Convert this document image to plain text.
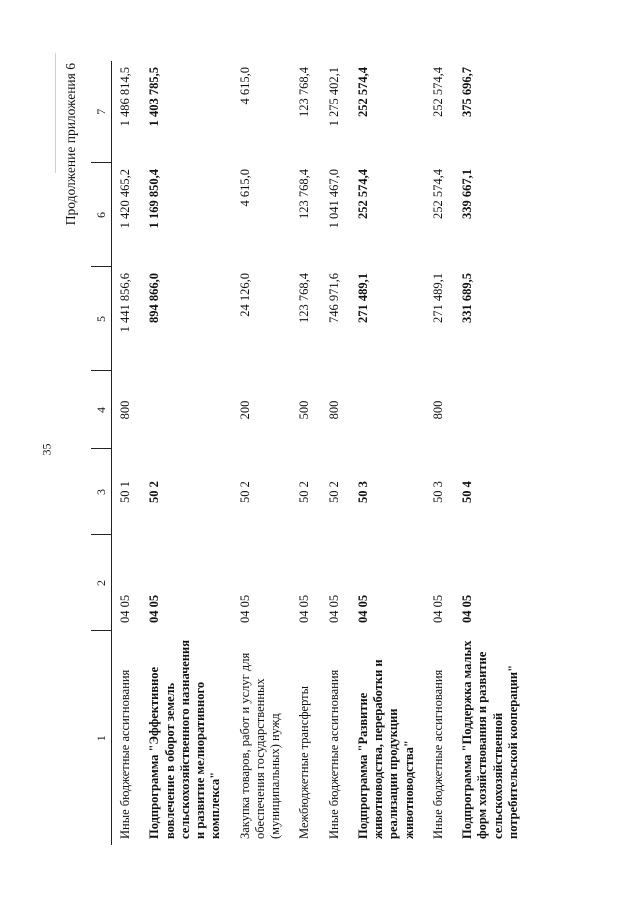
35
Продолжение приложения 6
1	2	3	4	5	6	7
Иные бюджетные ассигнования	04 05	50 1	800	1 441 856,6	1 420 465,2	1 486 814,5
Подпрограмма "Эффективное вовлечение в оборот земель сельскохозяйственного назначения и развитие мелиоративного комплекса"	04 05	50 2		894 866,0	1 169 850,4	1 403 785,5
Закупка товаров, работ и услуг для обеспечения государственных (муниципальных) нужд	04 05	50 2	200	24 126,0	4 615,0	4 615,0
Межбюджетные трансферты	04 05	50 2	500	123 768,4	123 768,4	123 768,4
Иные бюджетные ассигнования	04 05	50 2	800	746 971,6	1 041 467,0	1 275 402,1
Подпрограмма "Развитие животноводства, переработки и реализации продукции животноводства"	04 05	50 3		271 489,1	252 574,4	252 574,4
Иные бюджетные ассигнования	04 05	50 3	800	271 489,1	252 574,4	252 574,4
Подпрограмма "Поддержка малых форм хозяйствования и развитие сельскохозяйственной потребительской кооперации"	04 05	50 4		331 689,5	339 667,1	375 696,7
